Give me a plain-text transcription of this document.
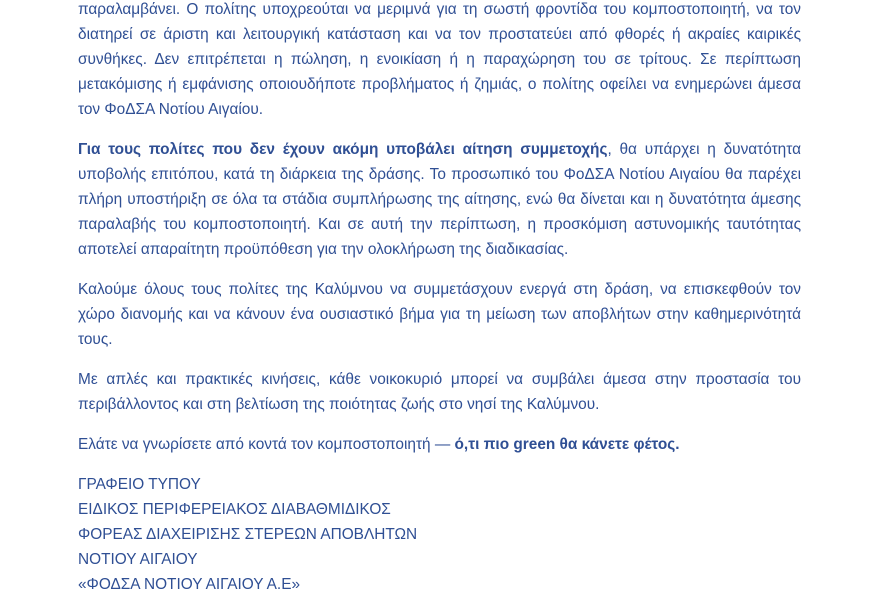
παραλαμβάνει. Ο πολίτης υποχρεούται να μεριμνά για τη σωστή φροντίδα του κομποστοποιητή, να τον διατηρεί σε άριστη και λειτουργική κατάσταση και να τον προστατεύει από φθορές ή ακραίες καιρικές συνθήκες. Δεν επιτρέπεται η πώληση, η ενοικίαση ή η παραχώρηση του σε τρίτους. Σε περίπτωση μετακόμισης ή εμφάνισης οποιουδήποτε προβλήματος ή ζημιάς, ο πολίτης οφείλει να ενημερώνει άμεσα τον ΦοΔΣΑ Νοτίου Αιγαίου.

Για τους πολίτες που δεν έχουν ακόμη υποβάλει αίτηση συμμετοχής, θα υπάρχει η δυνατότητα υποβολής επιτόπου, κατά τη διάρκεια της δράσης. Το προσωπικό του ΦοΔΣΑ Νοτίου Αιγαίου θα παρέχει πλήρη υποστήριξη σε όλα τα στάδια συμπλήρωσης της αίτησης, ενώ θα δίνεται και η δυνατότητα άμεσης παραλαβής του κομποστοποιητή. Και σε αυτή την περίπτωση, η προσκόμιση αστυνομικής ταυτότητας αποτελεί απαραίτητη προϋπόθεση για την ολοκλήρωση της διαδικασίας.

Καλούμε όλους τους πολίτες της Καλύμνου να συμμετάσχουν ενεργά στη δράση, να επισκεφθούν τον χώρο διανομής και να κάνουν ένα ουσιαστικό βήμα για τη μείωση των αποβλήτων στην καθημερινότητά τους.

Με απλές και πρακτικές κινήσεις, κάθε νοικοκυριό μπορεί να συμβάλει άμεσα στην προστασία του περιβάλλοντος και στη βελτίωση της ποιότητας ζωής στο νησί της Καλύμνου.

Ελάτε να γνωρίσετε από κοντά τον κομποστοποιητή — ό,τι πιο green θα κάνετε φέτος.

ΓΡΑΦΕΙΟ ΤΥΠΟΥ

ΕΙΔΙΚΟΣ ΠΕΡΙΦΕΡΕΙΑΚΟΣ ΔΙΑΒΑΘΜΙΔΙΚΟΣ

ΦΟΡΕΑΣ ΔΙΑΧΕΙΡΙΣΗΣ ΣΤΕΡΕΩΝ ΑΠΟΒΛΗΤΩΝ

ΝΟΤΙΟΥ ΑΙΓΑΙΟΥ

«ΦΟΔΣΑ ΝΟΤΙΟΥ ΑΙΓΑΙΟΥ Α.Ε»
